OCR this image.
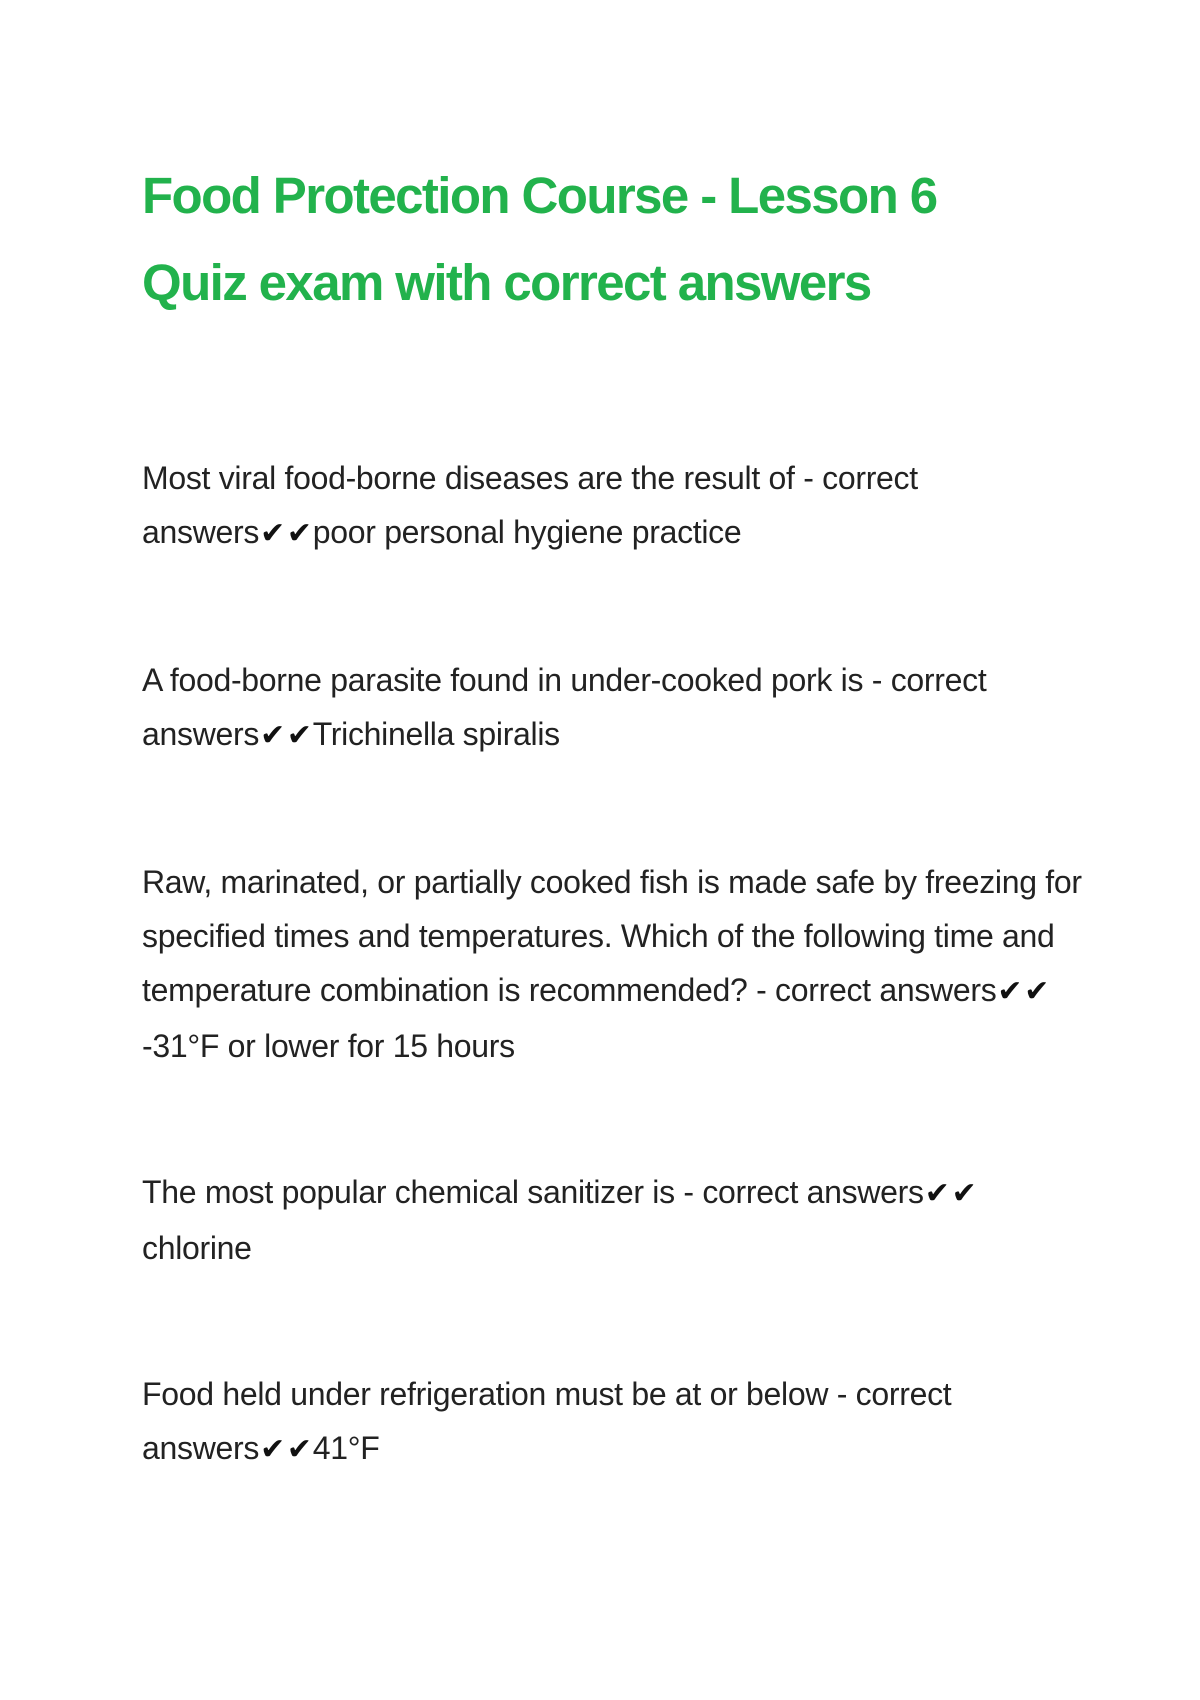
Food Protection Course - Lesson 6 Quiz exam with correct answers

Most viral food-borne diseases are the result of - correct answers✔✔poor personal hygiene practice

A food-borne parasite found in under-cooked pork is - correct answers✔✔Trichinella spiralis

Raw, marinated, or partially cooked fish is made safe by freezing for specified times and temperatures. Which of the following time and temperature combination is recommended? - correct answers✔✔-31°F or lower for 15 hours

The most popular chemical sanitizer is - correct answers✔✔chlorine

Food held under refrigeration must be at or below - correct answers✔✔41°F
